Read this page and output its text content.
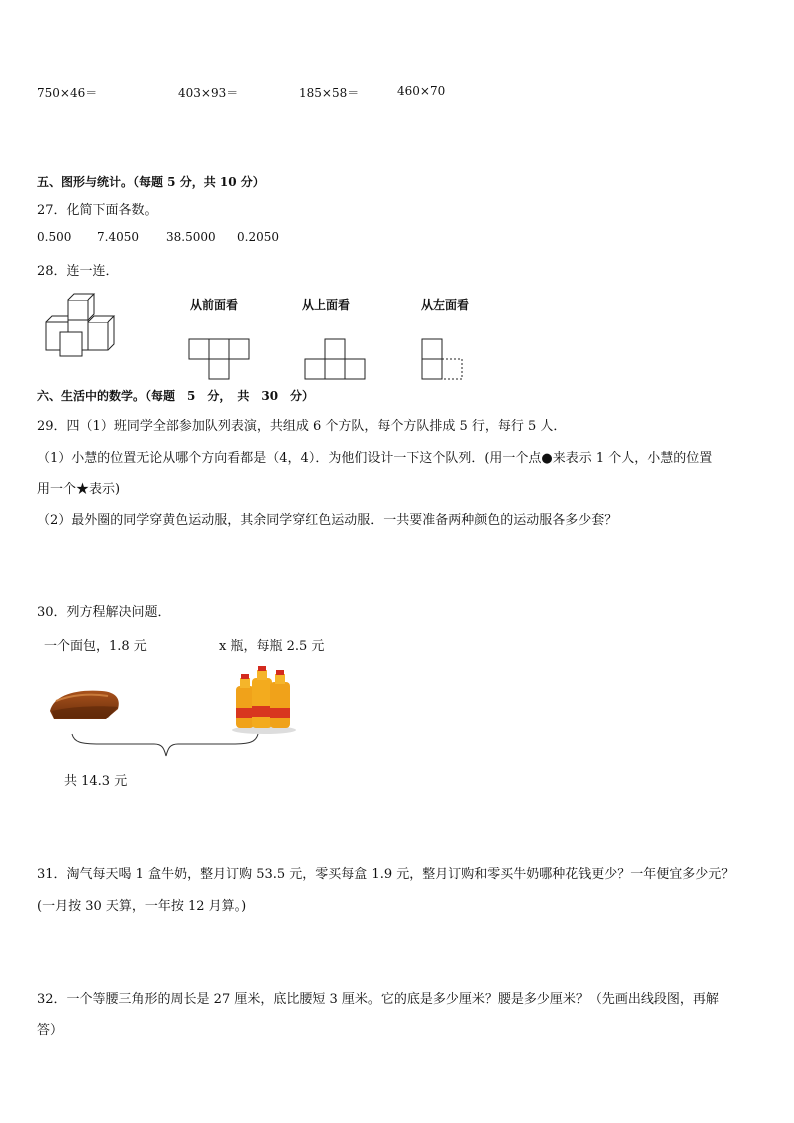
750×46＝	403×93＝	185×58＝	460×70
五、图形与统计。（每题 5 分，共 10 分）
27．化简下面各数。
0.500 7.4050 38.5000 0.2050
28．连一连．
从前面看	从上面看	从左面看
六、生活中的数学。（每题　5　分，　共　30　分）
29．四（1）班同学全部参加队列表演，共组成 6 个方队，每个方队排成 5 行，每行 5 人．
（1）小慧的位置无论从哪个方向看都是（4，4）．为他们设计一下这个队列．(用一个点●来表示 1 个人，小慧的位置
用一个★表示)
（2）最外圈的同学穿黄色运动服，其余同学穿红色运动服．一共要准备两种颜色的运动服各多少套？
30．列方程解决问题．
一个面包，1.8 元	x 瓶，每瓶 2.5 元
共 14.3 元
31．淘气每天喝 1 盒牛奶，整月订购 53.5 元，零买每盒 1.9 元，整月订购和零买牛奶哪种花钱更少？一年便宜多少元？
(一月按 30 天算，一年按 12 月算。)
32．一个等腰三角形的周长是 27 厘米，底比腰短 3 厘米。它的底是多少厘米？腰是多少厘米？（先画出线段图，再解
答）
